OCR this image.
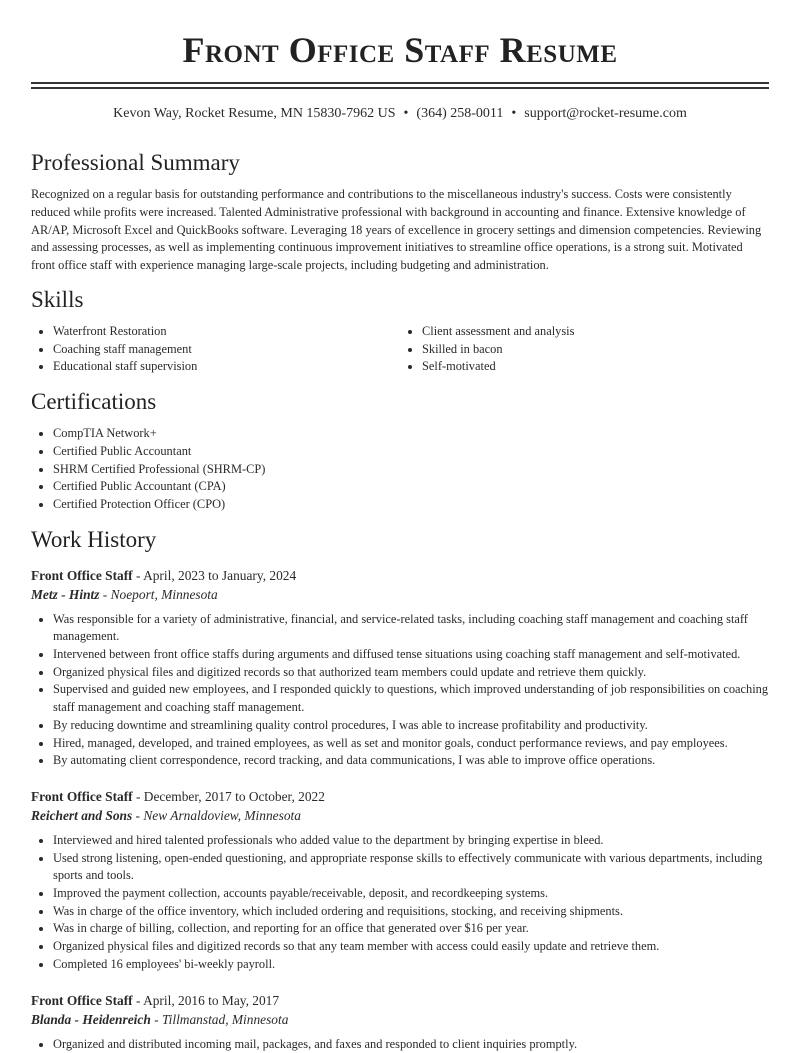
Front Office Staff Resume
Kevon Way, Rocket Resume, MN 15830-7962 US • (364) 258-0011 • support@rocket-resume.com
Professional Summary

Recognized on a regular basis for outstanding performance and contributions to the miscellaneous industry's success. Costs were consistently reduced while profits were increased. Talented Administrative professional with background in accounting and finance. Extensive knowledge of AR/AP, Microsoft Excel and QuickBooks software. Leveraging 18 years of excellence in grocery settings and dimension competencies. Reviewing and assessing processes, as well as implementing continuous improvement initiatives to streamline office operations, is a strong suit. Motivated front office staff with experience managing large-scale projects, including budgeting and administration.

Skills
• Waterfront Restoration
• Coaching staff management
• Educational staff supervision
• Client assessment and analysis
• Skilled in bacon
• Self-motivated
Certifications
• CompTIA Network+
• Certified Public Accountant
• SHRM Certified Professional (SHRM-CP)
• Certified Public Accountant (CPA)
• Certified Protection Officer (CPO)
Work History
Front Office Staff - April, 2023 to January, 2024
Metz - Hintz - Noeport, Minnesota
• Was responsible for a variety of administrative, financial, and service-related tasks, including coaching staff management and coaching staff management.
• Intervened between front office staffs during arguments and diffused tense situations using coaching staff management and self-motivated.
• Organized physical files and digitized records so that authorized team members could update and retrieve them quickly.
• Supervised and guided new employees, and I responded quickly to questions, which improved understanding of job responsibilities on coaching staff management and coaching staff management.
• By reducing downtime and streamlining quality control procedures, I was able to increase profitability and productivity.
• Hired, managed, developed, and trained employees, as well as set and monitor goals, conduct performance reviews, and pay employees.
• By automating client correspondence, record tracking, and data communications, I was able to improve office operations.
Front Office Staff - December, 2017 to October, 2022
Reichert and Sons - New Arnaldoview, Minnesota
• Interviewed and hired talented professionals who added value to the department by bringing expertise in bleed.
• Used strong listening, open-ended questioning, and appropriate response skills to effectively communicate with various departments, including sports and tools.
• Improved the payment collection, accounts payable/receivable, deposit, and recordkeeping systems.
• Was in charge of the office inventory, which included ordering and requisitions, stocking, and receiving shipments.
• Was in charge of billing, collection, and reporting for an office that generated over $16 per year.
• Organized physical files and digitized records so that any team member with access could easily update and retrieve them.
• Completed 16 employees' bi-weekly payroll.
Front Office Staff - April, 2016 to May, 2017
Blanda - Heidenreich - Tillmanstad, Minnesota
• Organized and distributed incoming mail, packages, and faxes and responded to client inquiries promptly.
